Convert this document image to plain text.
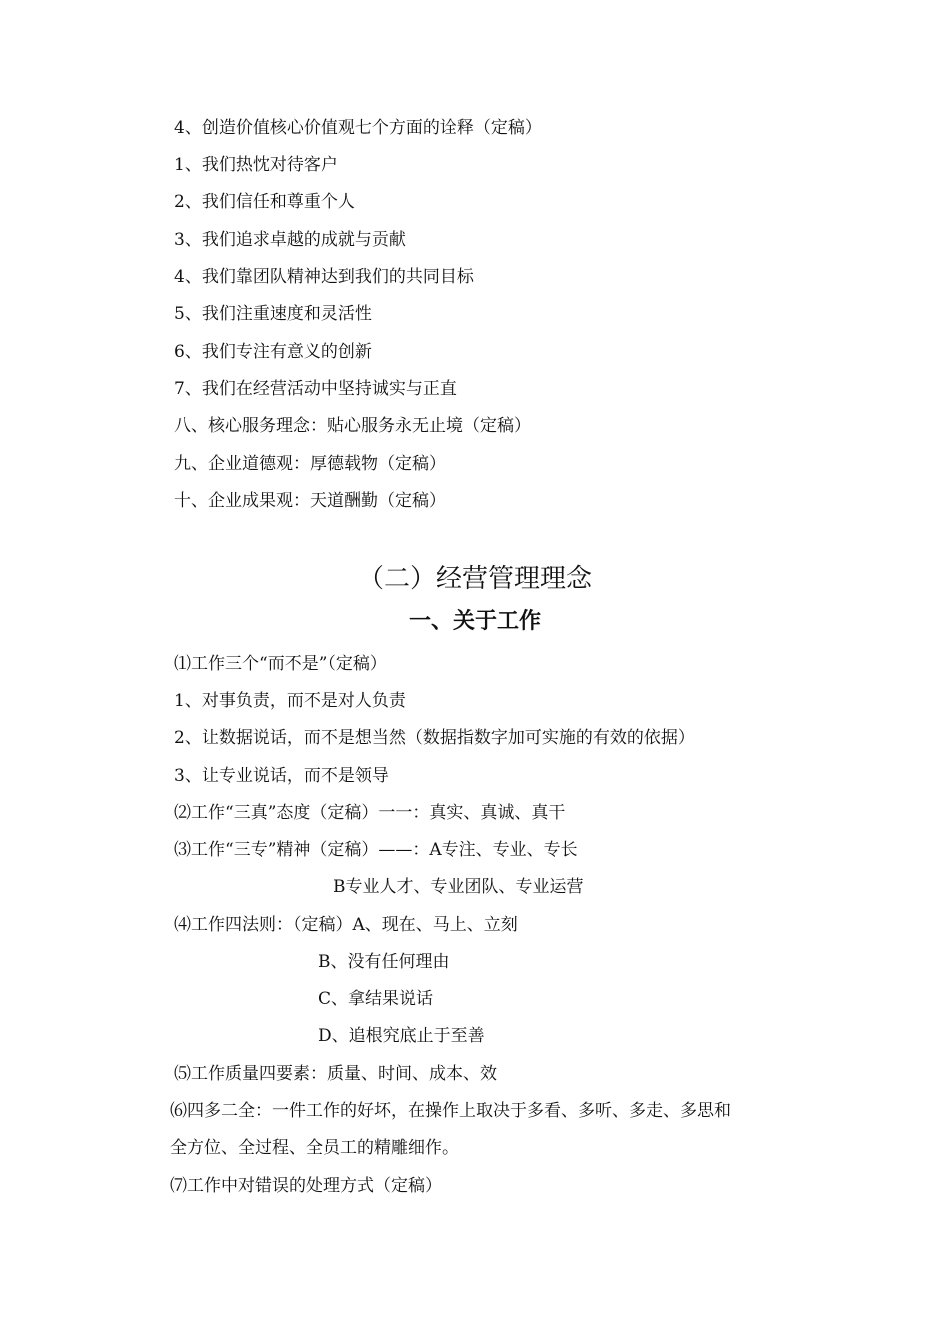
4、创造价值核心价值观七个方面的诠释（定稿）
1、我们热忱对待客户
2、我们信任和尊重个人
3、我们追求卓越的成就与贡献
4、我们靠团队精神达到我们的共同目标
5、我们注重速度和灵活性
6、我们专注有意义的创新
7、我们在经营活动中坚持诚实与正直
八、核心服务理念：贴心服务永无止境（定稿）
九、企业道德观：厚德载物（定稿）
十、企业成果观：天道酬勤（定稿）
（二）经营管理理念
一、关于工作
⑴工作三个“而不是”（定稿）
1、对事负责，而不是对人负责
2、让数据说话，而不是想当然（数据指数字加可实施的有效的依据）
3、让专业说话，而不是领导
⑵工作“三真”态度（定稿）一一：真实、真诚、真干
⑶工作“三专”精神（定稿）——：A专注、专业、专长
B专业人才、专业团队、专业运营
⑷工作四法则：（定稿）A、现在、马上、立刻
B、没有任何理由
C、拿结果说话
D、追根究底止于至善
⑸工作质量四要素：质量、时间、成本、效
⑹四多二全：一件工作的好坏，在操作上取决于多看、多听、多走、多思和
全方位、全过程、全员工的精雕细作。
⑺工作中对错误的处理方式（定稿）
